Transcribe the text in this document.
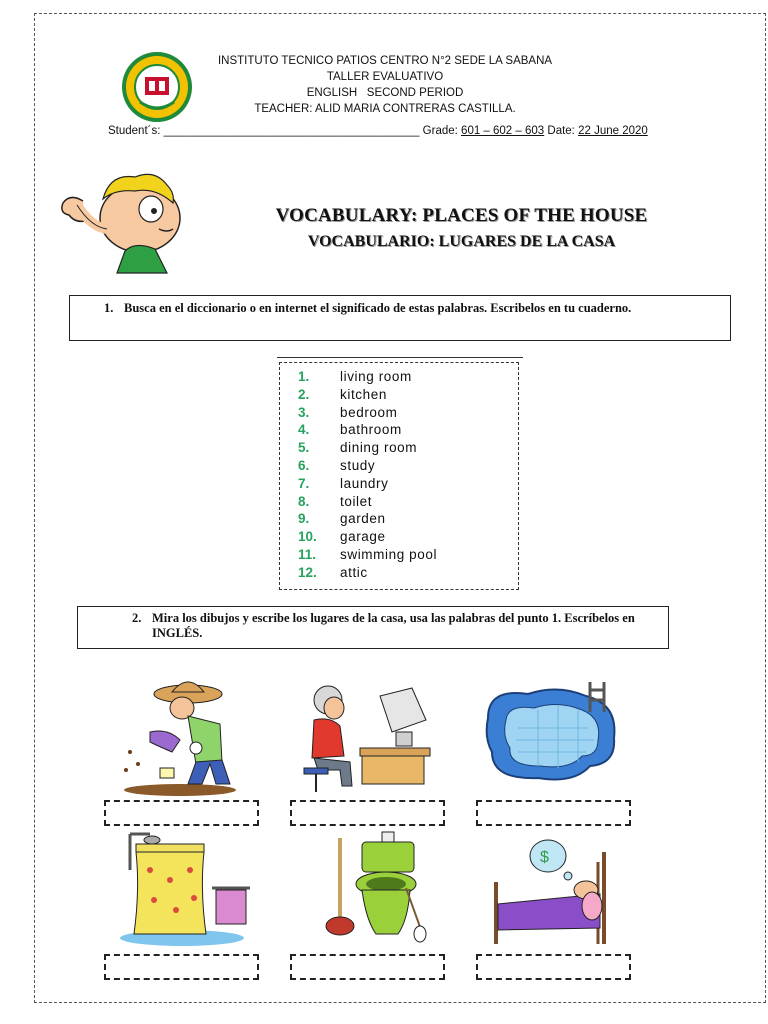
INSTITUTO TECNICO PATIOS CENTRO N°2 SEDE LA SABANA
TALLER EVALUATIVO
ENGLISH   SECOND PERIOD
TEACHER: ALID MARIA CONTRERAS CASTILLA.
Student´s: ________________________________________ Grade: 601 – 602 – 603 Date: 22 June 2020
VOCABULARY: PLACES OF THE HOUSE
VOCABULARIO: LUGARES DE LA CASA
1. Busca en el diccionario o en internet el significado de estas palabras. Escribelos en tu cuaderno.
1. living room
2. kitchen
3. bedroom
4. bathroom
5. dining room
6. study
7. laundry
8. toilet
9. garden
10. garage
11. swimming pool
12. attic
2. Mira los dibujos y escribe los lugares de la casa, usa las palabras del punto 1. Escríbelos en INGLÉS.
$
